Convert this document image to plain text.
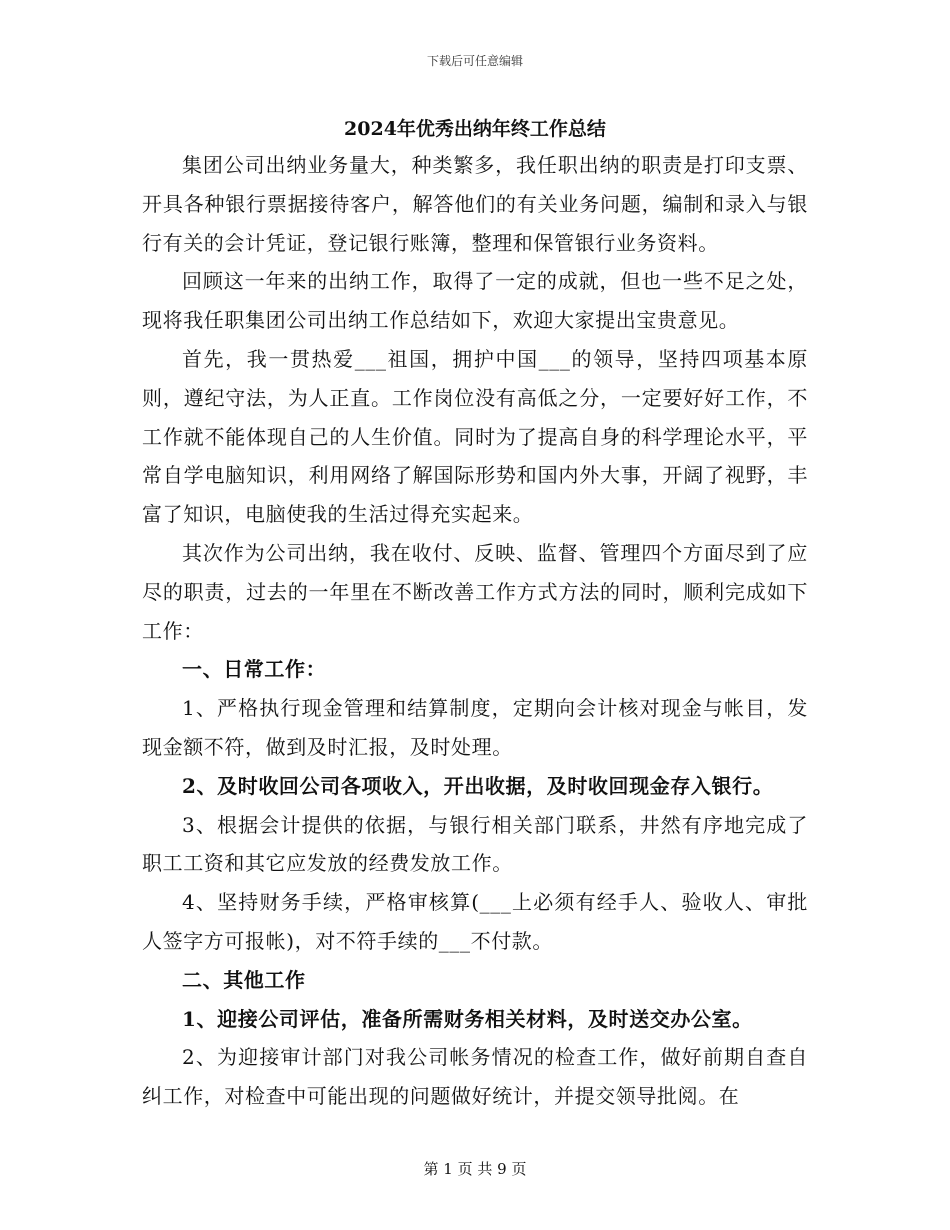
下载后可任意编辑
2024年优秀出纳年终工作总结

集团公司出纳业务量大，种类繁多，我任职出纳的职责是打印支票、开具各种银行票据接待客户，解答他们的有关业务问题，编制和录入与银行有关的会计凭证，登记银行账簿，整理和保管银行业务资料。

回顾这一年来的出纳工作，取得了一定的成就，但也一些不足之处，现将我任职集团公司出纳工作总结如下，欢迎大家提出宝贵意见。

首先，我一贯热爱___祖国，拥护中国___的领导，坚持四项基本原则，遵纪守法，为人正直。工作岗位没有高低之分，一定要好好工作，不工作就不能体现自己的人生价值。同时为了提高自身的科学理论水平，平常自学电脑知识，利用网络了解国际形势和国内外大事，开阔了视野，丰富了知识，电脑使我的生活过得充实起来。

其次作为公司出纳，我在收付、反映、监督、管理四个方面尽到了应尽的职责，过去的一年里在不断改善工作方式方法的同时，顺利完成如下工作：

一、日常工作：

1、严格执行现金管理和结算制度，定期向会计核对现金与帐目，发现金额不符，做到及时汇报，及时处理。

2、及时收回公司各项收入，开出收据，及时收回现金存入银行。

3、根据会计提供的依据，与银行相关部门联系，井然有序地完成了职工工资和其它应发放的经费发放工作。

4、坚持财务手续，严格审核算(___上必须有经手人、验收人、审批人签字方可报帐)，对不符手续的___不付款。

二、其他工作

1、迎接公司评估，准备所需财务相关材料，及时送交办公室。

2、为迎接审计部门对我公司帐务情况的检查工作，做好前期自查自纠工作，对检查中可能出现的问题做好统计，并提交领导批阅。在

第 1 页 共 9 页
